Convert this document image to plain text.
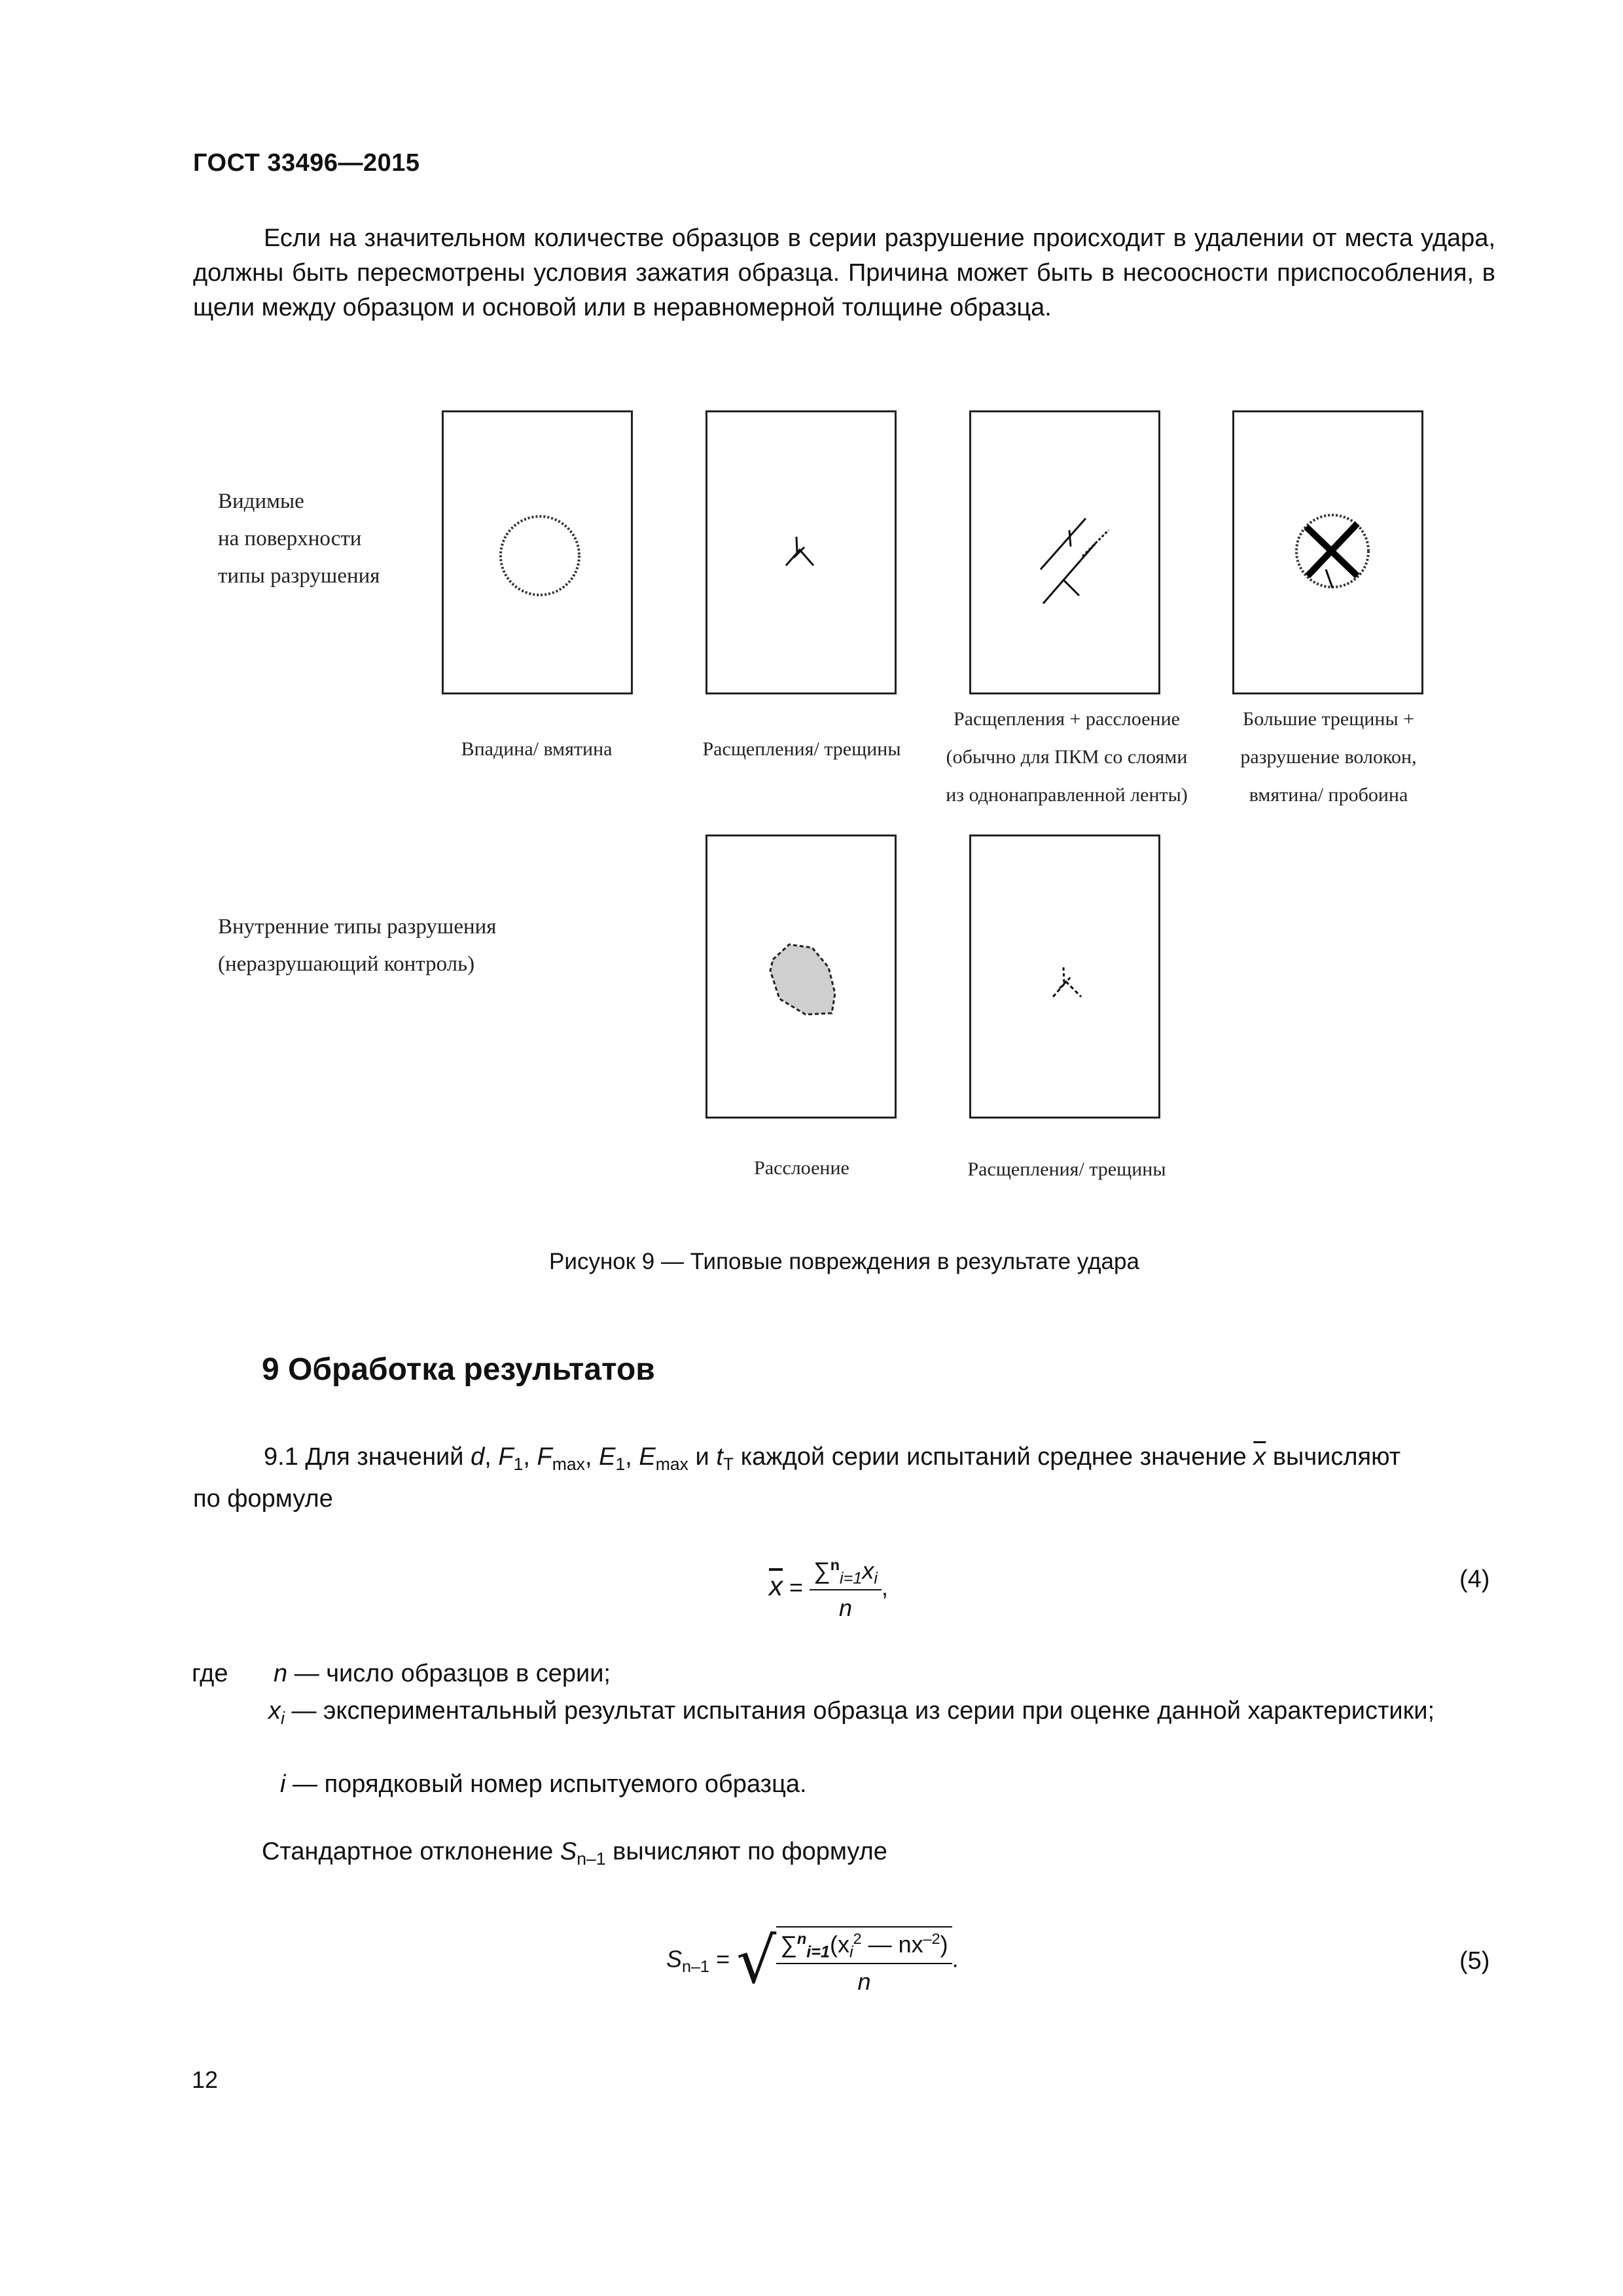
ГОСТ 33496—2015
Если на значительном количестве образцов в серии разрушение происходит в удалении от места удара, должны быть пересмотрены условия зажатия образца. Причина может быть в несоосности приспособления, в щели между образцом и основой или в неравномерной толщине образца.
Видимые
на поверхности
типы разрушения
Впадина/ вмятина	Расщепления/ трещины
Расщепления + расслоение
(обычно для ПКМ со слоями
из однонаправленной ленты)
Большие трещины +
разрушение волокон,
вмятина/ пробоина
Внутренние типы разрушения
(неразрушающий контроль)
Расслоение	Расщепления/ трещины
Рисунок 9 — Типовые повреждения в результате удара
9 Обработка результатов
9.1 Для значений d, $F_1$, $F_{max}$, $E_1$, $E_{max}$ и $t_T$ каждой серии испытаний среднее значение $\overline{x}$ вычисляют
по формуле
$\overline{x} = \frac{\sum^n_{i=1}x_i}{n}$ ,	(4)
где n — число образцов в серии;
$x_i$ — экспериментальный результат испытания образца из серии при оценке данной характеристики;
i — порядковый номер испытуемого образца.
Стандартное отклонение $S_{n-1}$ вычисляют по формуле
$S_{n-1}$ = √ $\frac{\sum^n_{i=1}(x_i^2 — nx^{-2})}{n}$ .	(5)
12
